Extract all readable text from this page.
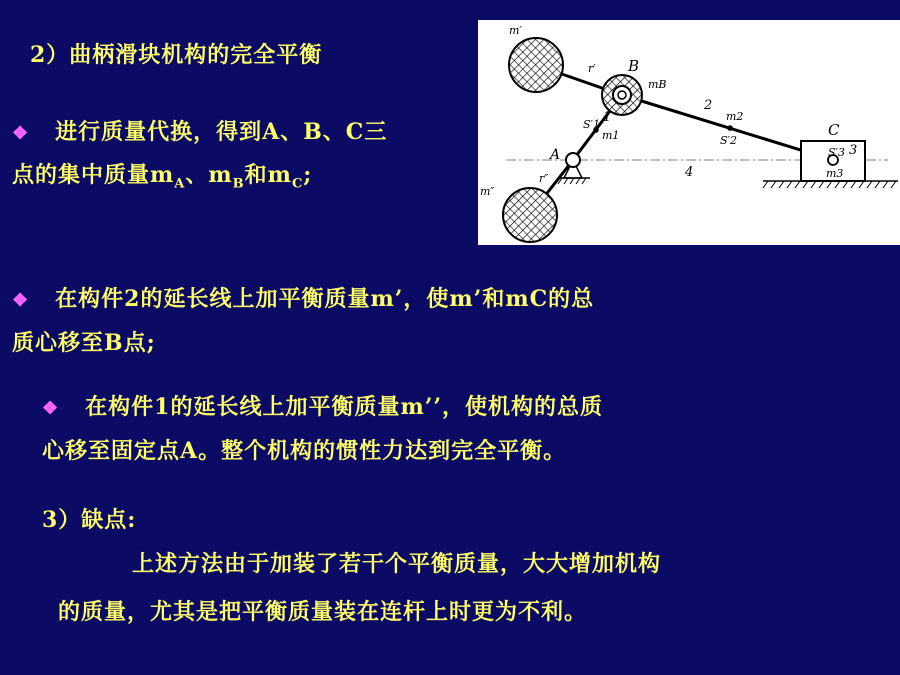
2）曲柄滑块机构的完全平衡
❖ 进行质量代换，得到A、B、C三
点的集中质量$m_A$、$m_B$和$m_C$;
m′
r′ B
mB
2
m2
S′2
S′1 1
m1
A
r″	4
m″
C
S′3 3
m3
❖ 在构件2的延长线上加平衡质量m’，使m’和mC的总
质心移至B点;
❖ 在构件1的延长线上加平衡质量m’’，使机构的总质
心移至固定点A。整个机构的惯性力达到完全平衡。
3）缺点:
上述方法由于加装了若干个平衡质量，大大增加机构
的质量，尤其是把平衡质量装在连杆上时更为不利。
